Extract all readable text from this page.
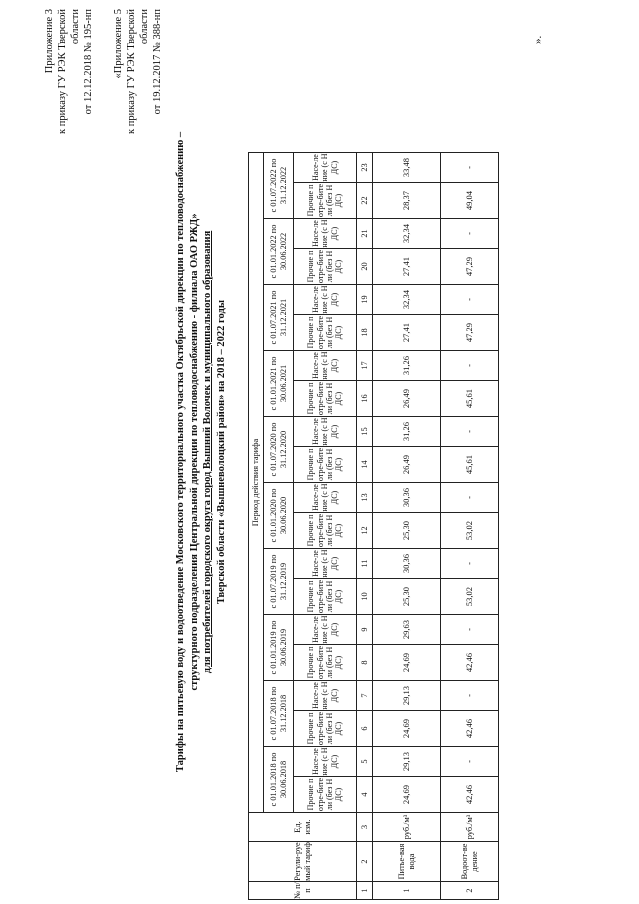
Приложение 3 к приказу ГУ РЭК Тверской области от 12.12.2018 № 195-нп «Приложение 5 к приказу ГУ РЭК Тверской области от 19.12.2017 № 388-нп
Тарифы на питьевую воду и водоотведение Московского территориального участка Октябрьской дирекции по тепловодоснабжению – структурного подразделения Центральной дирекции по тепловодоснабжению - филиала ОАО РЖД» для потребителей городского округа город Вышний Волочек и муниципального образования Тверской области «Вышневолоцкий район» на 2018 – 2022 годы
№ п/п	Регули-руемый тариф	Ед. изм.	Период действия тарифа																			
			с 01.01.2018 по 30.06.2018		с 01.07.2018 по 31.12.2018		с 01.01.2019 по 30.06.2019		с 01.07.2019 по 31.12.2019		с 01.01.2020 по 30.06.2020		с 01.07.2020 по 31.12.2020		с 01.01.2021 по 30.06.2021		с 01.07.2021 по 31.12.2021		с 01.01.2022 по 30.06.2022		с 01.07.2022 по 31.12.2022	
			Прочие потре-бители (без НДС)	Насе-ление (с НДС)	Прочие потре-бители (без НДС)	Насе-ление (с НДС)	Прочие потре-бители (без НДС)	Насе-ление (с НДС)	Прочие потре-бители (без НДС)	Насе-ление (с НДС)	Прочие потре-бители (без НДС)	Насе-ление (с НДС)	Прочие потре-бители (без НДС)	Насе-ление (с НДС)	Прочие потре-бители (без НДС)	Насе-ление (с НДС)	Прочие потре-бители (без НДС)	Насе-ление (с НДС)	Прочие потре-бители (без НДС)	Насе-ление (с НДС)	Прочие потре-бители (без НДС)	Насе-ление (с НДС)
1	2	3	4	5	6	7	8	9	10	11	12	13	14	15	16	17	18	19	20	21	22	23
1	Питье-вая вода	руб./м³	24,69	29,13	24,69	29,13	24,69	29,63	25,30	30,36	25,30	30,36	26,49	31,26	26,49	31,26	27,41	32,34	27,41	32,34	28,37	33,48
2	Водоот-ведение	руб./м³	42,46	-	42,46	-	42,46	-	53,02	-	53,02	-	45,61	-	45,61	-	47,29	-	47,29	-	49,04	-
».
